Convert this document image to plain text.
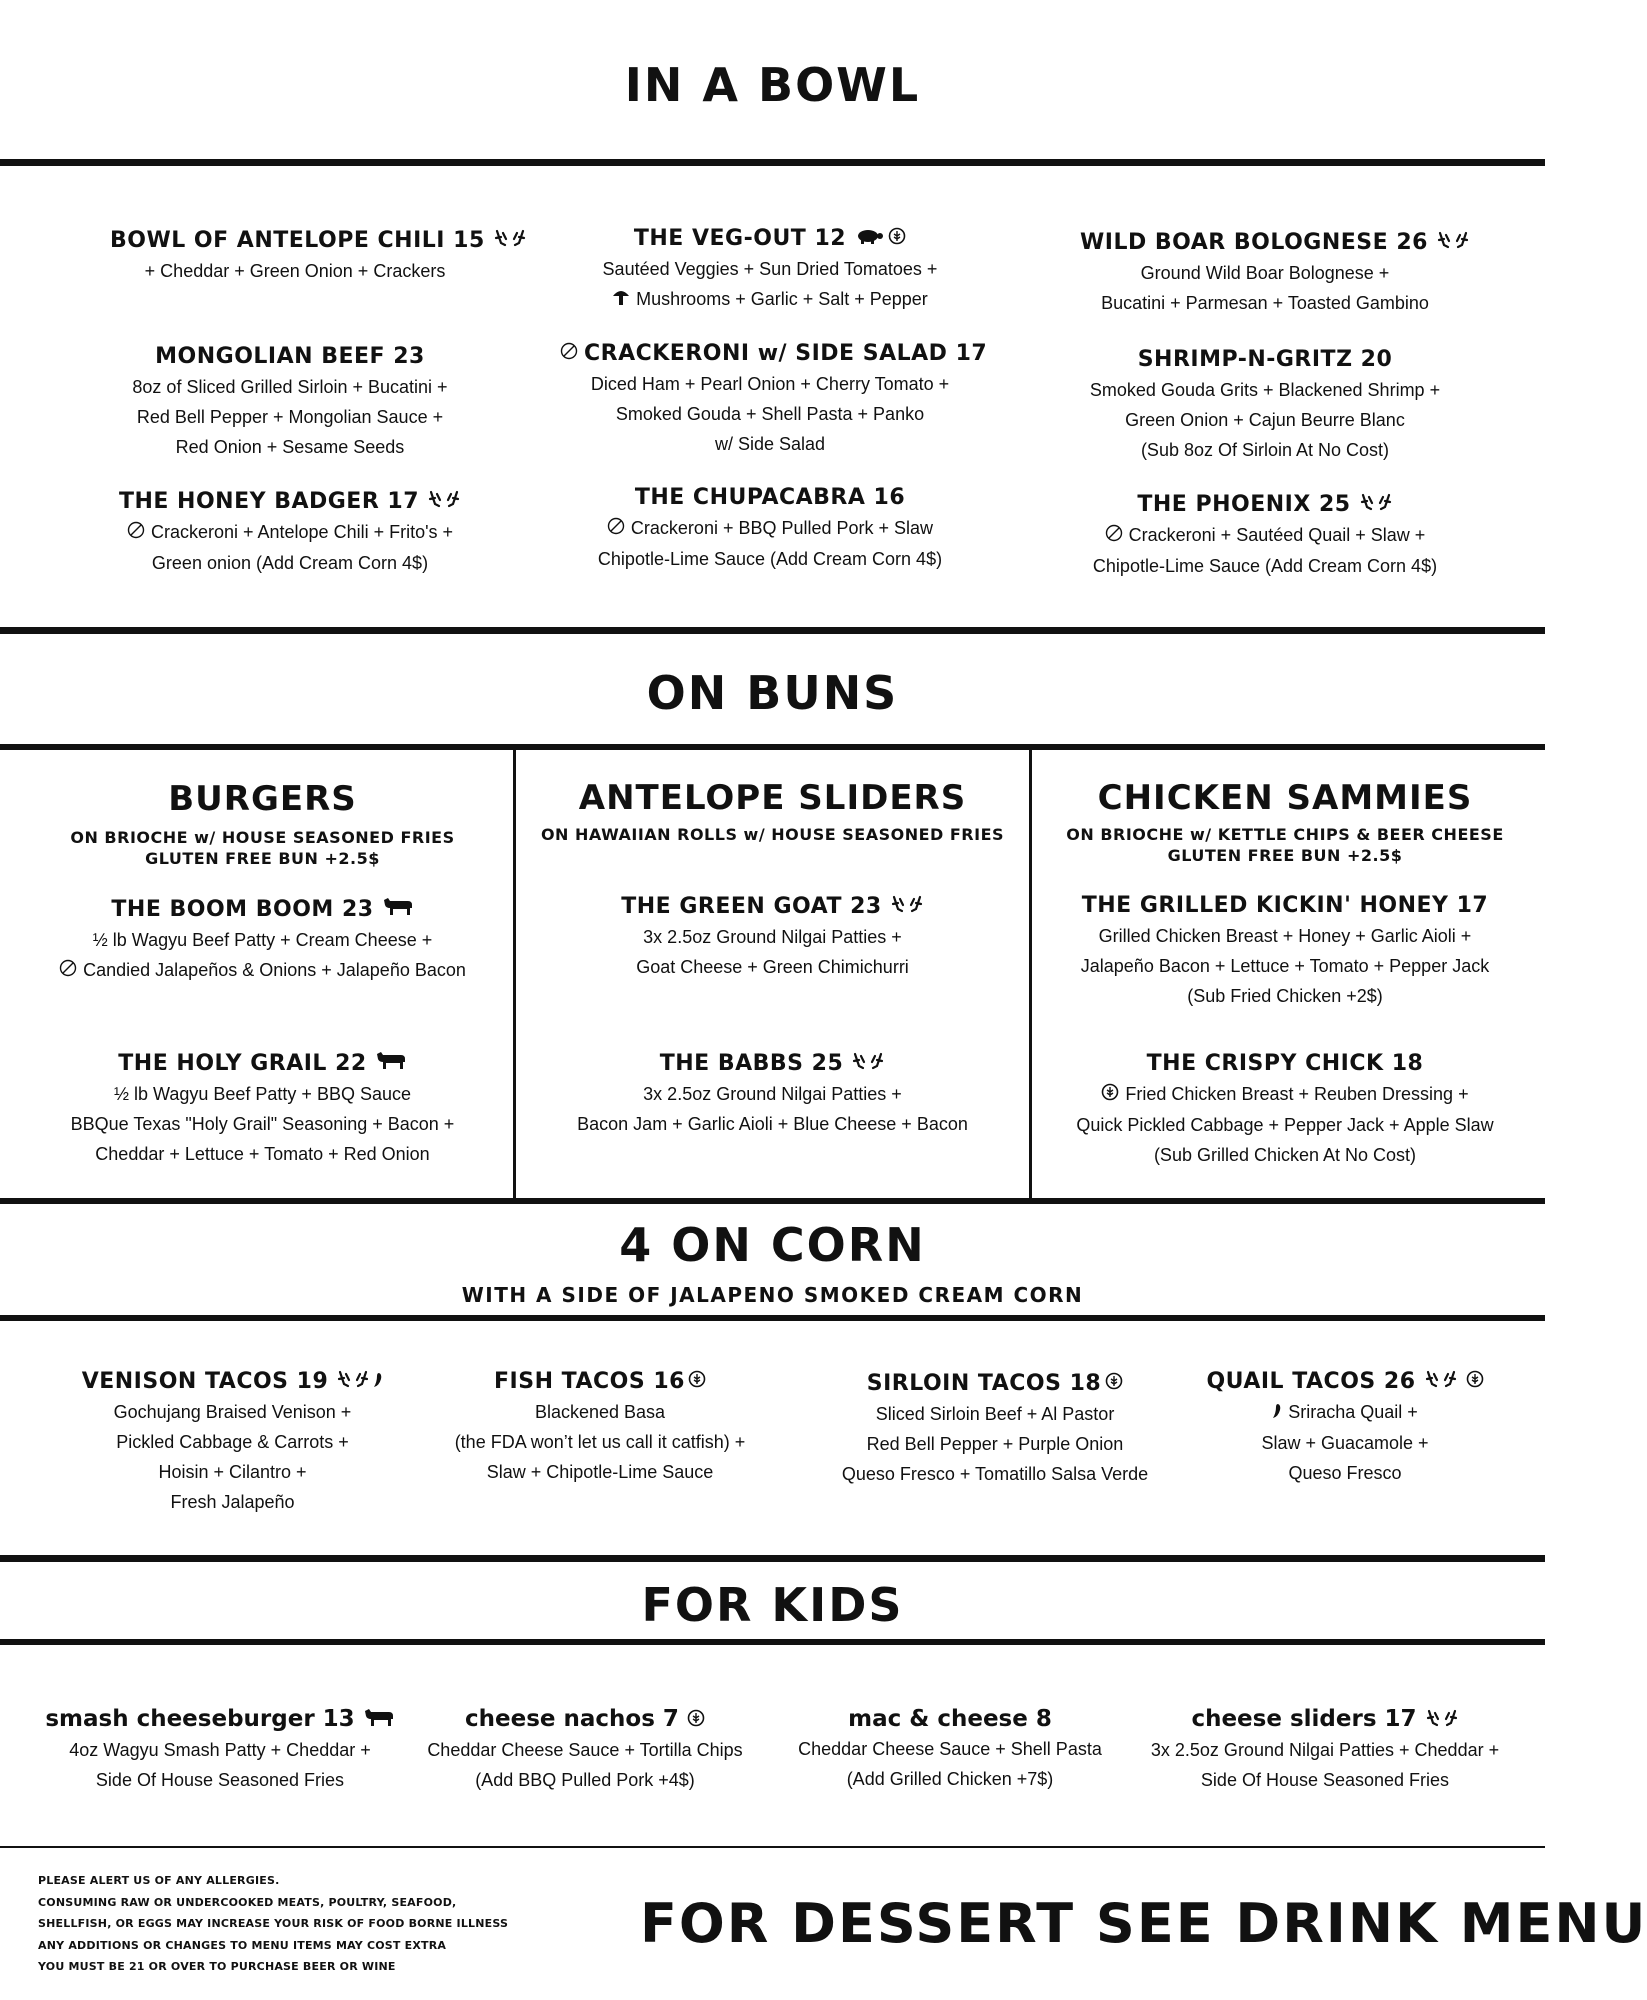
IN A BOWL
BOWL OF ANTELOPE CHILI 15
+ Cheddar + Green Onion + Crackers
THE VEG-OUT 12
Sautéed Veggies + Sun Dried Tomatoes +
Mushrooms + Garlic + Salt + Pepper
WILD BOAR BOLOGNESE 26
Ground Wild Boar Bolognese +
Bucatini + Parmesan + Toasted Gambino
MONGOLIAN BEEF 23
8oz of Sliced Grilled Sirloin + Bucatini +
Red Bell Pepper + Mongolian Sauce +
Red Onion + Sesame Seeds
CRACKERONI w/ SIDE SALAD 17
Diced Ham + Pearl Onion + Cherry Tomato +
Smoked Gouda + Shell Pasta + Panko
w/ Side Salad
SHRIMP-N-GRITZ 20
Smoked Gouda Grits + Blackened Shrimp +
Green Onion + Cajun Beurre Blanc
(Sub 8oz Of Sirloin At No Cost)
THE HONEY BADGER 17
Crackeroni + Antelope Chili + Frito's +
Green onion (Add Cream Corn 4$)
THE CHUPACABRA 16
Crackeroni + BBQ Pulled Pork + Slaw
Chipotle-Lime Sauce (Add Cream Corn 4$)
THE PHOENIX 25
Crackeroni + Sautéed Quail + Slaw +
Chipotle-Lime Sauce (Add Cream Corn 4$)
ON BUNS
BURGERS
ON BRIOCHE w/ HOUSE SEASONED FRIES
GLUTEN FREE BUN +2.5$
THE BOOM BOOM 23
½ lb Wagyu Beef Patty + Cream Cheese +
Candied Jalapeños & Onions + Jalapeño Bacon
THE HOLY GRAIL 22
½ lb Wagyu Beef Patty + BBQ Sauce
BBQue Texas "Holy Grail" Seasoning + Bacon +
Cheddar + Lettuce + Tomato + Red Onion
ANTELOPE SLIDERS
ON HAWAIIAN ROLLS w/ HOUSE SEASONED FRIES
THE GREEN GOAT 23
3x 2.5oz Ground Nilgai Patties +
Goat Cheese + Green Chimichurri
THE BABBS 25
3x 2.5oz Ground Nilgai Patties +
Bacon Jam + Garlic Aioli + Blue Cheese + Bacon
CHICKEN SAMMIES
ON BRIOCHE w/ KETTLE CHIPS & BEER CHEESE
GLUTEN FREE BUN +2.5$
THE GRILLED KICKIN' HONEY 17
Grilled Chicken Breast + Honey + Garlic Aioli +
Jalapeño Bacon + Lettuce + Tomato + Pepper Jack
(Sub Fried Chicken +2$)
THE CRISPY CHICK 18
Fried Chicken Breast + Reuben Dressing +
Quick Pickled Cabbage + Pepper Jack + Apple Slaw
(Sub Grilled Chicken At No Cost)
4 ON CORN
WITH A SIDE OF JALAPENO SMOKED CREAM CORN
VENISON TACOS 19
Gochujang Braised Venison +
Pickled Cabbage & Carrots +
Hoisin + Cilantro +
Fresh Jalapeño
FISH TACOS 16
Blackened Basa
(the FDA won’t let us call it catfish) +
Slaw + Chipotle-Lime Sauce
SIRLOIN TACOS 18
Sliced Sirloin Beef + Al Pastor
Red Bell Pepper + Purple Onion
Queso Fresco + Tomatillo Salsa Verde
QUAIL TACOS 26
Sriracha Quail +
Slaw + Guacamole +
Queso Fresco
FOR KIDS
smash cheeseburger 13
4oz Wagyu Smash Patty + Cheddar +
Side Of House Seasoned Fries
cheese nachos 7
Cheddar Cheese Sauce + Tortilla Chips
(Add BBQ Pulled Pork +4$)
mac & cheese 8
Cheddar Cheese Sauce + Shell Pasta
(Add Grilled Chicken +7$)
cheese sliders 17
3x 2.5oz Ground Nilgai Patties + Cheddar +
Side Of House Seasoned Fries
PLEASE ALERT US OF ANY ALLERGIES.
CONSUMING RAW OR UNDERCOOKED MEATS, POULTRY, SEAFOOD,
SHELLFISH, OR EGGS MAY INCREASE YOUR RISK OF FOOD BORNE ILLNESS
ANY ADDITIONS OR CHANGES TO MENU ITEMS MAY COST EXTRA
YOU MUST BE 21 OR OVER TO PURCHASE BEER OR WINE
FOR DESSERT SEE DRINK MENU
